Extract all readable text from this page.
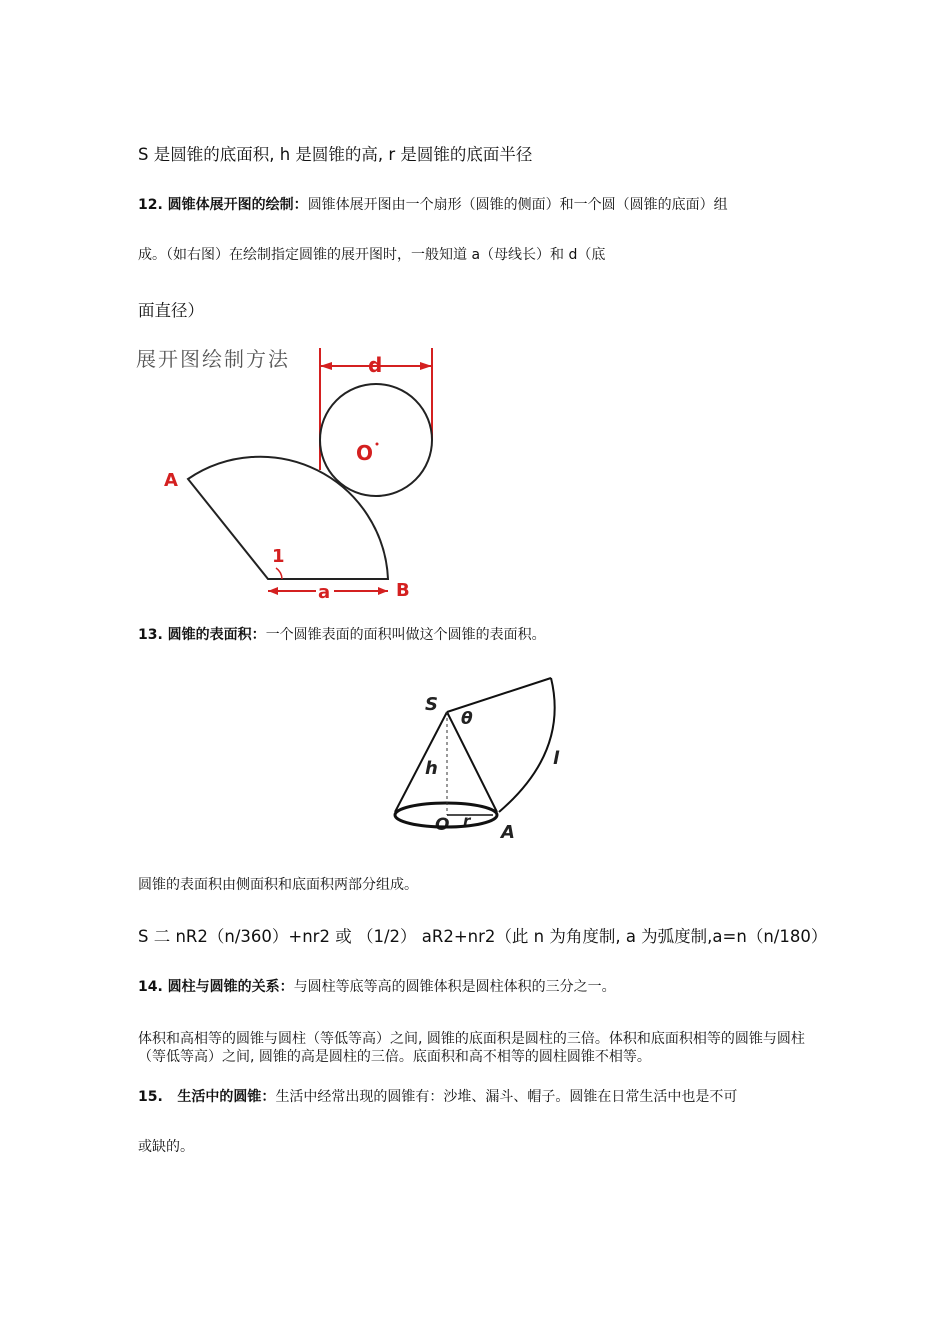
S 是圆锥的底面积, h 是圆锥的高, r 是圆锥的底面半径
12. 圆锥体展开图的绘制：圆锥体展开图由一个扇形（圆锥的侧面）和一个圆（圆锥的底面）组
成。（如右图）在绘制指定圆锥的展开图时，一般知道 a（母线长）和 d（底
面直径）
展开图绘制方法	d
O
1
A
B
a
13. 圆锥的表面积：一个圆锥表面的面积叫做这个圆锥的表面积。
S
θ
h	l
O r
A
圆锥的表面积由侧面积和底面积两部分组成。
S 二 nR2（n/360）+nr2 或 （1/2） aR2+nr2（此 n 为角度制, a 为弧度制,a=n（n/180）
14. 圆柱与圆锥的关系：与圆柱等底等高的圆锥体积是圆柱体积的三分之一。
体积和高相等的圆锥与圆柱（等低等高）之间, 圆锥的底面积是圆柱的三倍。体积和底面积相等的圆锥与圆柱（等低等高）之间, 圆锥的高是圆柱的三倍。底面积和高不相等的圆柱圆锥不相等。
15.   生活中的圆锥：生活中经常出现的圆锥有：沙堆、漏斗、帽子。圆锥在日常生活中也是不可
或缺的。
